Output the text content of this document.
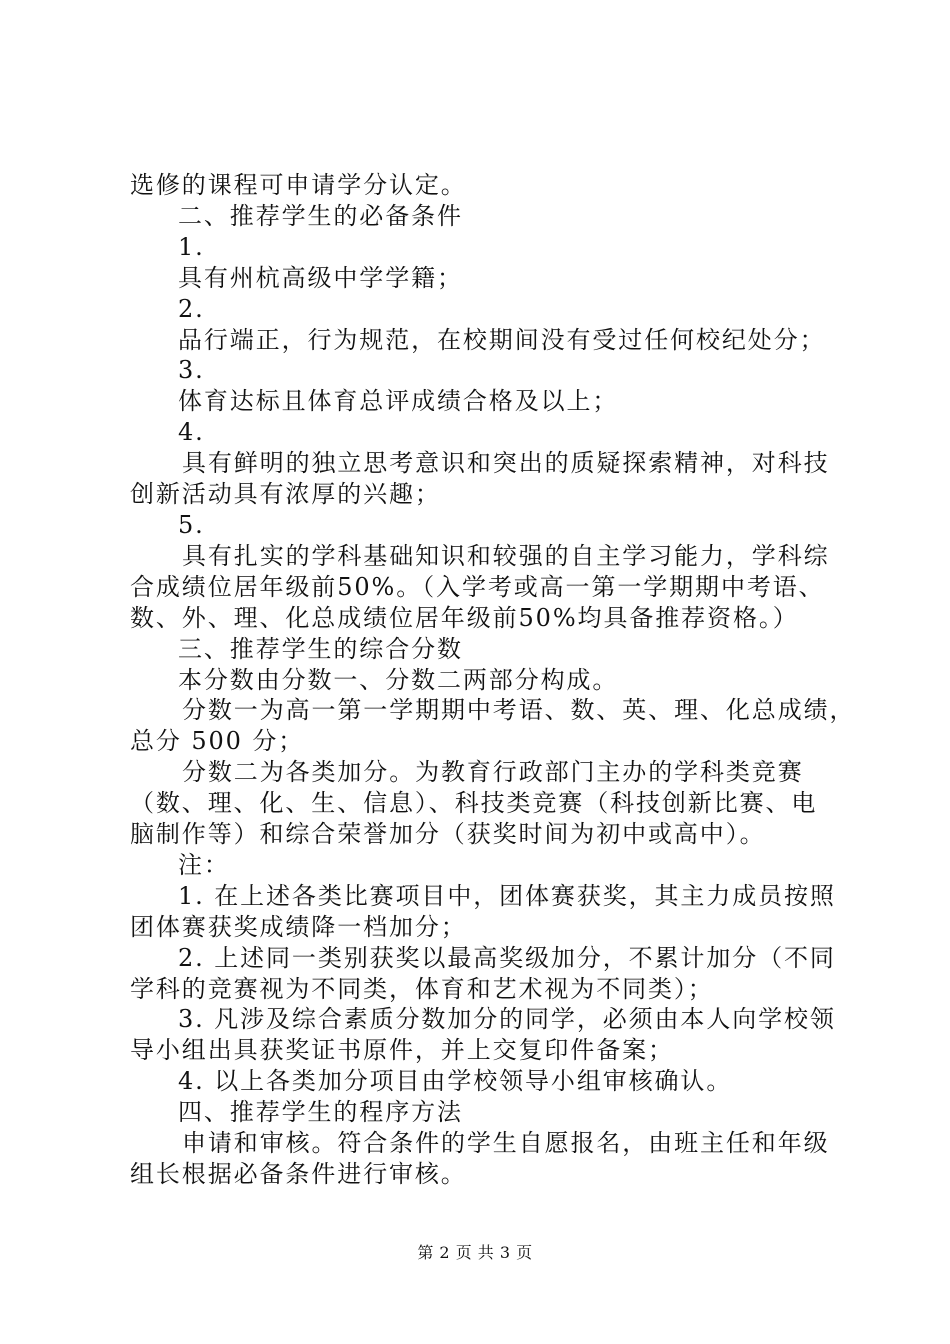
选修的课程可申请学分认定。
二、推荐学生的必备条件
1.
具有州杭高级中学学籍；
2.
品行端正，行为规范，在校期间没有受过任何校纪处分；
3.
体育达标且体育总评成绩合格及以上；
4.
具有鲜明的独立思考意识和突出的质疑探索精神，对科技
创新活动具有浓厚的兴趣；
5.
具有扎实的学科基础知识和较强的自主学习能力，学科综
合成绩位居年级前50%。（入学考或高一第一学期期中考语、
数、外、理、化总成绩位居年级前50%均具备推荐资格。）
三、推荐学生的综合分数
本分数由分数一、分数二两部分构成。
分数一为高一第一学期期中考语、数、英、理、化总成绩，
总分 500 分；
分数二为各类加分。为教育行政部门主办的学科类竞赛
（数、理、化、生、信息）、科技类竞赛（科技创新比赛、电
脑制作等）和综合荣誉加分（获奖时间为初中或高中）。
注：
1. 在上述各类比赛项目中，团体赛获奖，其主力成员按照
团体赛获奖成绩降一档加分；
2. 上述同一类别获奖以最高奖级加分，不累计加分（不同
学科的竞赛视为不同类，体育和艺术视为不同类）；
3. 凡涉及综合素质分数加分的同学，必须由本人向学校领
导小组出具获奖证书原件，并上交复印件备案；
4. 以上各类加分项目由学校领导小组审核确认。
四、推荐学生的程序方法
申请和审核。符合条件的学生自愿报名，由班主任和年级
组长根据必备条件进行审核。
第 2 页 共 3 页
